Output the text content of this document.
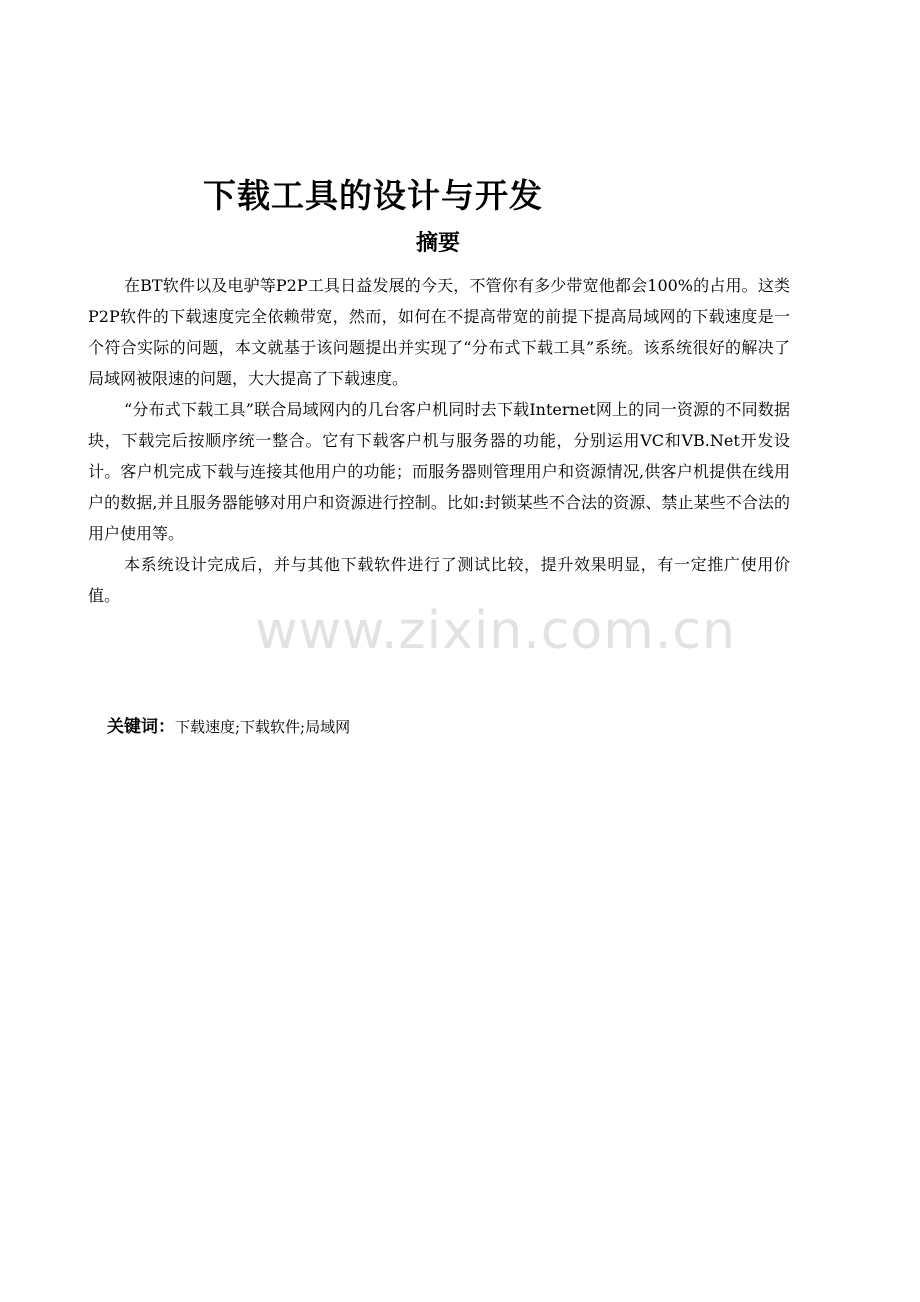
下载工具的设计与开发
摘要

在BT软件以及电驴等P2P工具日益发展的今天，不管你有多少带宽他都会100%的占用。这类P2P软件的下载速度完全依赖带宽，然而，如何在不提高带宽的前提下提高局域网的下载速度是一个符合实际的问题，本文就基于该问题提出并实现了“分布式下载工具”系统。该系统很好的解决了局域网被限速的问题，大大提高了下载速度。

“分布式下载工具”联合局域网内的几台客户机同时去下载Internet网上的同一资源的不同数据块，下载完后按顺序统一整合。它有下载客户机与服务器的功能，分别运用VC和VB.Net开发设计。客户机完成下载与连接其他用户的功能；而服务器则管理用户和资源情况,供客户机提供在线用户的数据,并且服务器能够对用户和资源进行控制。比如:封锁某些不合法的资源、禁止某些不合法的用户使用等。

本系统设计完成后，并与其他下载软件进行了测试比较，提升效果明显，有一定推广使用价值。

关键词：下载速度;下载软件;局域网
www.zixin.com.cn
